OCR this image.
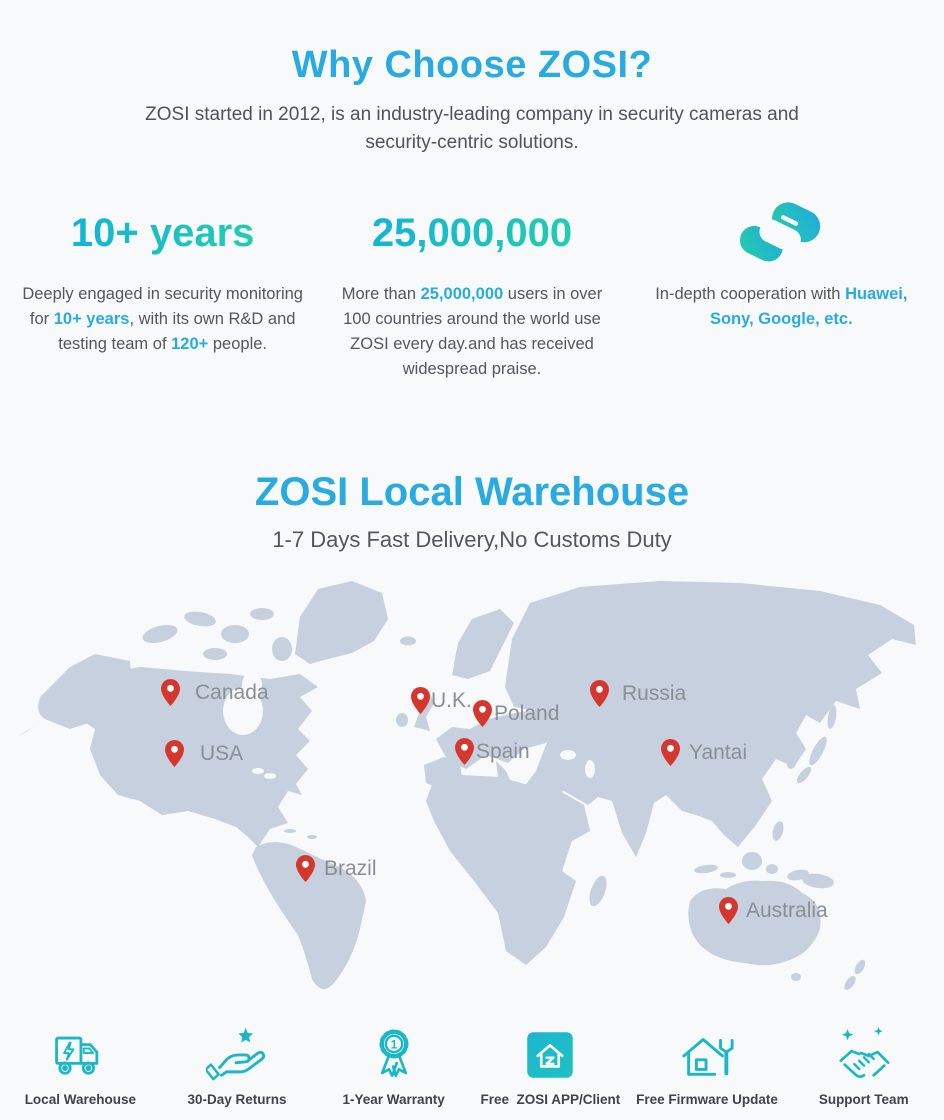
Why Choose ZOSI?
ZOSI started in 2012, is an industry-leading company in security cameras and security-centric solutions.
10+ years
Deeply engaged in security monitoring for 10+ years, with its own R&D and testing team of 120+ people.
25,000,000
More than 25,000,000 users in over 100 countries around the world use ZOSI every day.and has received widespread praise.
In-depth cooperation with Huawei, Sony, Google, etc.
ZOSI Local Warehouse
1-7 Days Fast Delivery,No Customs Duty
Canada
USA
U.K.
Poland
Spain
Russia
Yantai
Brazil
Australia
Local Warehouse	30-Day Returns
1
1-Year Warranty	Free  ZOSI APP/Client Free Firmware Update	Support Team
